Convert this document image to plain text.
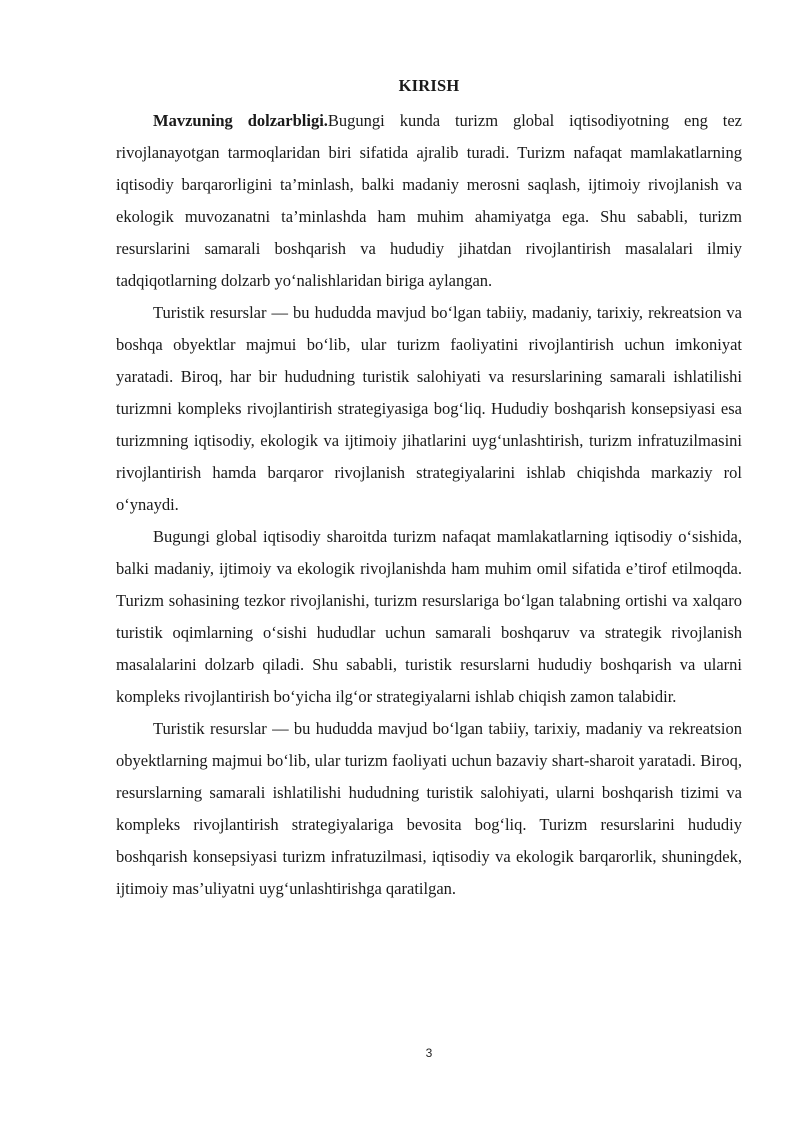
KIRISH

Mavzuning dolzarbligi.Bugungi kunda turizm global iqtisodiyotning eng tez rivojlanayotgan tarmoqlaridan biri sifatida ajralib turadi. Turizm nafaqat mamlakatlarning iqtisodiy barqarorligini ta’minlash, balki madaniy merosni saqlash, ijtimoiy rivojlanish va ekologik muvozanatni ta’minlashda ham muhim ahamiyatga ega. Shu sababli, turizm resurslarini samarali boshqarish va hududiy jihatdan rivojlantirish masalalari ilmiy tadqiqotlarning dolzarb yo‘nalishlaridan biriga aylangan.

Turistik resurslar — bu hududda mavjud bo‘lgan tabiiy, madaniy, tarixiy, rekreatsion va boshqa obyektlar majmui bo‘lib, ular turizm faoliyatini rivojlantirish uchun imkoniyat yaratadi. Biroq, har bir hududning turistik salohiyati va resurslarining samarali ishlatilishi turizmni kompleks rivojlantirish strategiyasiga bog‘liq. Hududiy boshqarish konsepsiyasi esa turizmning iqtisodiy, ekologik va ijtimoiy jihatlarini uyg‘unlashtirish, turizm infratuzilmasini rivojlantirish hamda barqaror rivojlanish strategiyalarini ishlab chiqishda markaziy rol o‘ynaydi.

Bugungi global iqtisodiy sharoitda turizm nafaqat mamlakatlarning iqtisodiy o‘sishida, balki madaniy, ijtimoiy va ekologik rivojlanishda ham muhim omil sifatida e’tirof etilmoqda. Turizm sohasining tezkor rivojlanishi, turizm resurslariga bo‘lgan talabning ortishi va xalqaro turistik oqimlarning o‘sishi hududlar uchun samarali boshqaruv va strategik rivojlanish masalalarini dolzarb qiladi. Shu sababli, turistik resurslarni hududiy boshqarish va ularni kompleks rivojlantirish bo‘yicha ilg‘or strategiyalarni ishlab chiqish zamon talabidir.

Turistik resurslar — bu hududda mavjud bo‘lgan tabiiy, tarixiy, madaniy va rekreatsion obyektlarning majmui bo‘lib, ular turizm faoliyati uchun bazaviy shart-sharoit yaratadi. Biroq, resurslarning samarali ishlatilishi hududning turistik salohiyati, ularni boshqarish tizimi va kompleks rivojlantirish strategiyalariga bevosita bog‘liq. Turizm resurslarini hududiy boshqarish konsepsiyasi turizm infratuzilmasi, iqtisodiy va ekologik barqarorlik, shuningdek, ijtimoiy mas’uliyatni uyg‘unlashtirishga qaratilgan.

3
